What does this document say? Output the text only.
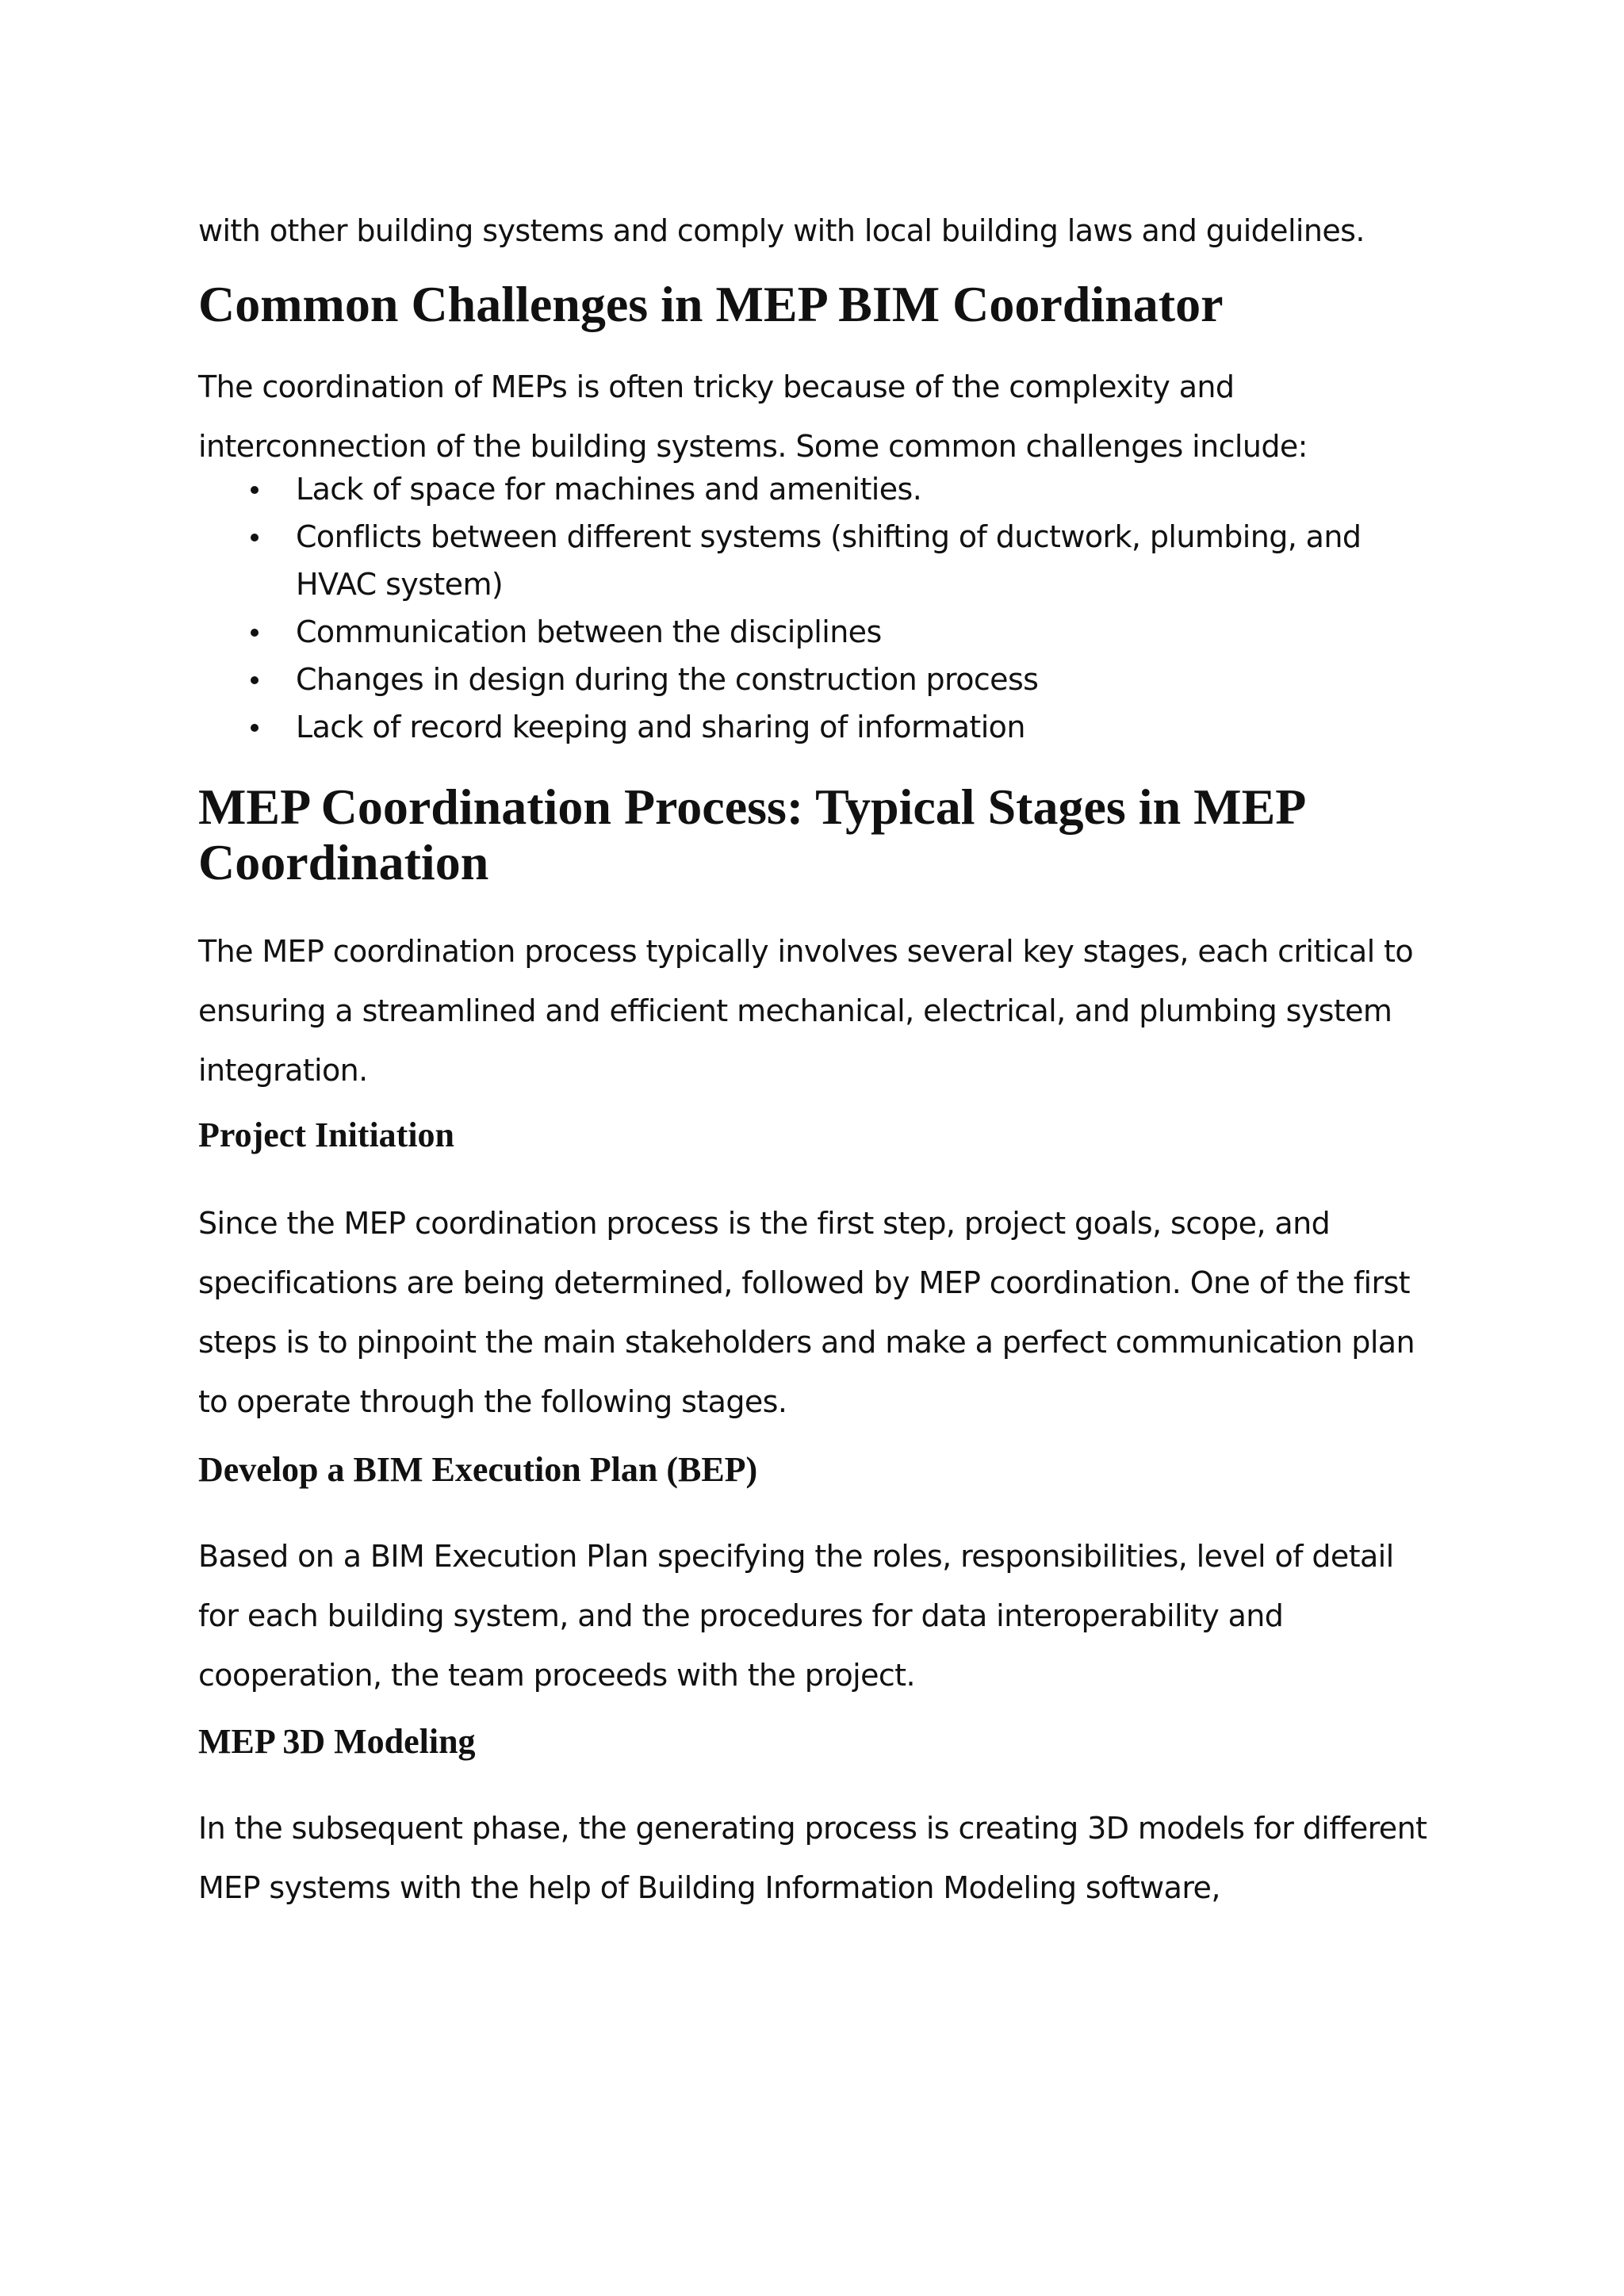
with other building systems and comply with local building laws and guidelines.

Common Challenges in MEP BIM Coordinator

The coordination of MEPs is often tricky because of the complexity and interconnection of the building systems. Some common challenges include:

Lack of space for machines and amenities.
Conflicts between different systems (shifting of ductwork, plumbing, and HVAC system)
Communication between the disciplines
Changes in design during the construction process
Lack of record keeping and sharing of information
MEP Coordination Process: Typical Stages in MEP Coordination

The MEP coordination process typically involves several key stages, each critical to ensuring a streamlined and efficient mechanical, electrical, and plumbing system integration.

Project Initiation

Since the MEP coordination process is the first step, project goals, scope, and specifications are being determined, followed by MEP coordination. One of the first steps is to pinpoint the main stakeholders and make a perfect communication plan to operate through the following stages.

Develop a BIM Execution Plan (BEP)

Based on a BIM Execution Plan specifying the roles, responsibilities, level of detail for each building system, and the procedures for data interoperability and cooperation, the team proceeds with the project.

MEP 3D Modeling

In the subsequent phase, the generating process is creating 3D models for different MEP systems with the help of Building Information Modeling software,
